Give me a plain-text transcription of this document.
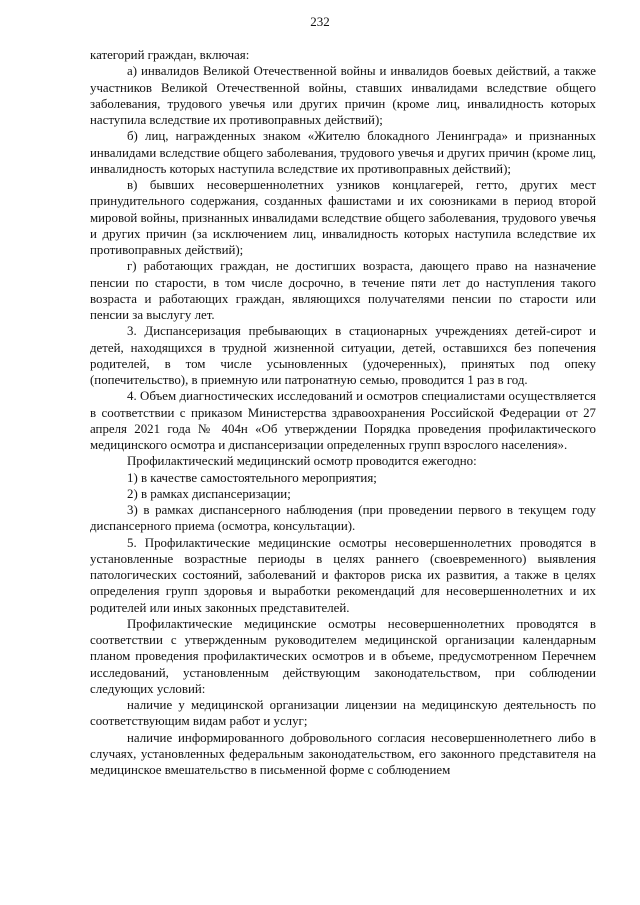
232

категорий граждан, включая:

а) инвалидов Великой Отечественной войны и инвалидов боевых действий, а также участников Великой Отечественной войны, ставших инвалидами вследствие общего заболевания, трудового увечья или других причин (кроме лиц, инвалидность которых наступила вследствие их противоправных действий);

б) лиц, награжденных знаком «Жителю блокадного Ленинграда» и признанных инвалидами вследствие общего заболевания, трудового увечья и других причин (кроме лиц, инвалидность которых наступила вследствие их противоправных действий);

в) бывших несовершеннолетних узников концлагерей, гетто, других мест принудительного содержания, созданных фашистами и их союзниками в период второй мировой войны, признанных инвалидами вследствие общего заболевания, трудового увечья и других причин (за исключением лиц, инвалидность которых наступила вследствие их противоправных действий);

г) работающих граждан, не достигших возраста, дающего право на назначение пенсии по старости, в том числе досрочно, в течение пяти лет до наступления такого возраста и работающих граждан, являющихся получателями пенсии по старости или пенсии за выслугу лет.

3. Диспансеризация пребывающих в стационарных учреждениях детей-сирот и детей, находящихся в трудной жизненной ситуации, детей, оставшихся без попечения родителей, в том числе усыновленных (удочеренных), принятых под опеку (попечительство), в приемную или патронатную семью, проводится 1 раз в год.

4. Объем диагностических исследований и осмотров специалистами осуществляется в соответствии с приказом Министерства здравоохранения Российской Федерации от 27 апреля 2021 года № 404н «Об утверждении Порядка проведения профилактического медицинского осмотра и диспансеризации определенных групп взрослого населения».

Профилактический медицинский осмотр проводится ежегодно:

1) в качестве самостоятельного мероприятия;

2) в рамках диспансеризации;

3) в рамках диспансерного наблюдения (при проведении первого в текущем году диспансерного приема (осмотра, консультации).

5. Профилактические медицинские осмотры несовершеннолетних проводятся в установленные возрастные периоды в целях раннего (своевременного) выявления патологических состояний, заболеваний и факторов риска их развития, а также в целях определения групп здоровья и выработки рекомендаций для несовершеннолетних и их родителей или иных законных представителей.

Профилактические медицинские осмотры несовершеннолетних проводятся в соответствии с утвержденным руководителем медицинской организации календарным планом проведения профилактических осмотров и в объеме, предусмотренном Перечнем исследований, установленным действующим законодательством, при соблюдении следующих условий:

наличие у медицинской организации лицензии на медицинскую деятельность по соответствующим видам работ и услуг;

наличие информированного добровольного согласия несовершеннолетнего либо в случаях, установленных федеральным законодательством, его законного представителя на медицинское вмешательство в письменной форме с соблюдением
